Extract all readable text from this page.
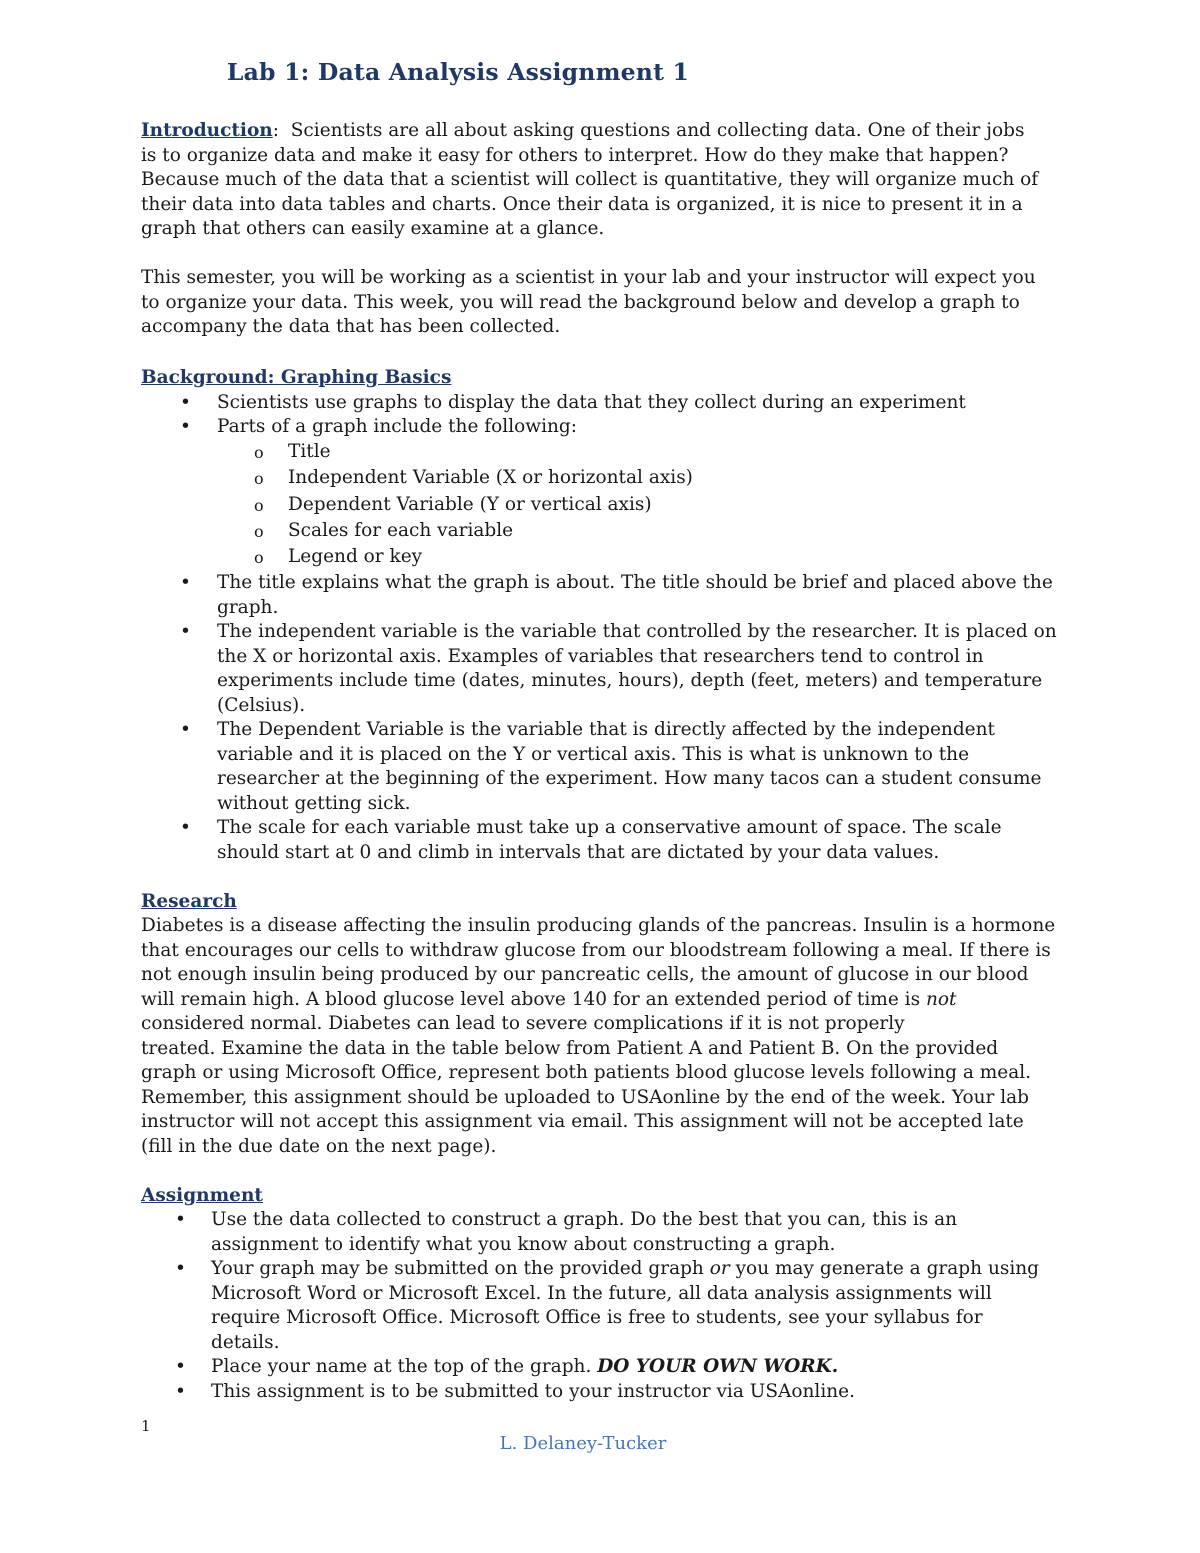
Lab 1: Data Analysis Assignment 1
Introduction: Scientists are all about asking questions and collecting data. One of their jobs
is to organize data and make it easy for others to interpret. How do they make that happen?
Because much of the data that a scientist will collect is quantitative, they will organize much of
their data into data tables and charts. Once their data is organized, it is nice to present it in a
graph that others can easily examine at a glance.
This semester, you will be working as a scientist in your lab and your instructor will expect you
to organize your data. This week, you will read the background below and develop a graph to
accompany the data that has been collected.
Background: Graphing Basics
• Scientists use graphs to display the data that they collect during an experiment
• Parts of a graph include the following:
o Title
o Independent Variable (X or horizontal axis)
o Dependent Variable (Y or vertical axis)
o Scales for each variable
o Legend or key
• The title explains what the graph is about. The title should be brief and placed above the
graph.
• The independent variable is the variable that controlled by the researcher. It is placed on
the X or horizontal axis. Examples of variables that researchers tend to control in
experiments include time (dates, minutes, hours), depth (feet, meters) and temperature
(Celsius).
• The Dependent Variable is the variable that is directly affected by the independent
variable and it is placed on the Y or vertical axis. This is what is unknown to the
researcher at the beginning of the experiment. How many tacos can a student consume
without getting sick.
• The scale for each variable must take up a conservative amount of space. The scale
should start at 0 and climb in intervals that are dictated by your data values.
Research
Diabetes is a disease affecting the insulin producing glands of the pancreas. Insulin is a hormone
that encourages our cells to withdraw glucose from our bloodstream following a meal. If there is
not enough insulin being produced by our pancreatic cells, the amount of glucose in our blood
will remain high. A blood glucose level above 140 for an extended period of time is not
considered normal. Diabetes can lead to severe complications if it is not properly
treated. Examine the data in the table below from Patient A and Patient B. On the provided
graph or using Microsoft Office, represent both patients blood glucose levels following a meal.
Remember, this assignment should be uploaded to USAonline by the end of the week. Your lab
instructor will not accept this assignment via email. This assignment will not be accepted late
(fill in the due date on the next page).
Assignment
• Use the data collected to construct a graph. Do the best that you can, this is an
assignment to identify what you know about constructing a graph.
• Your graph may be submitted on the provided graph or you may generate a graph using
Microsoft Word or Microsoft Excel. In the future, all data analysis assignments will
require Microsoft Office. Microsoft Office is free to students, see your syllabus for
details.
• Place your name at the top of the graph. DO YOUR OWN WORK.
• This assignment is to be submitted to your instructor via USAonline.
1
L. Delaney-Tucker
